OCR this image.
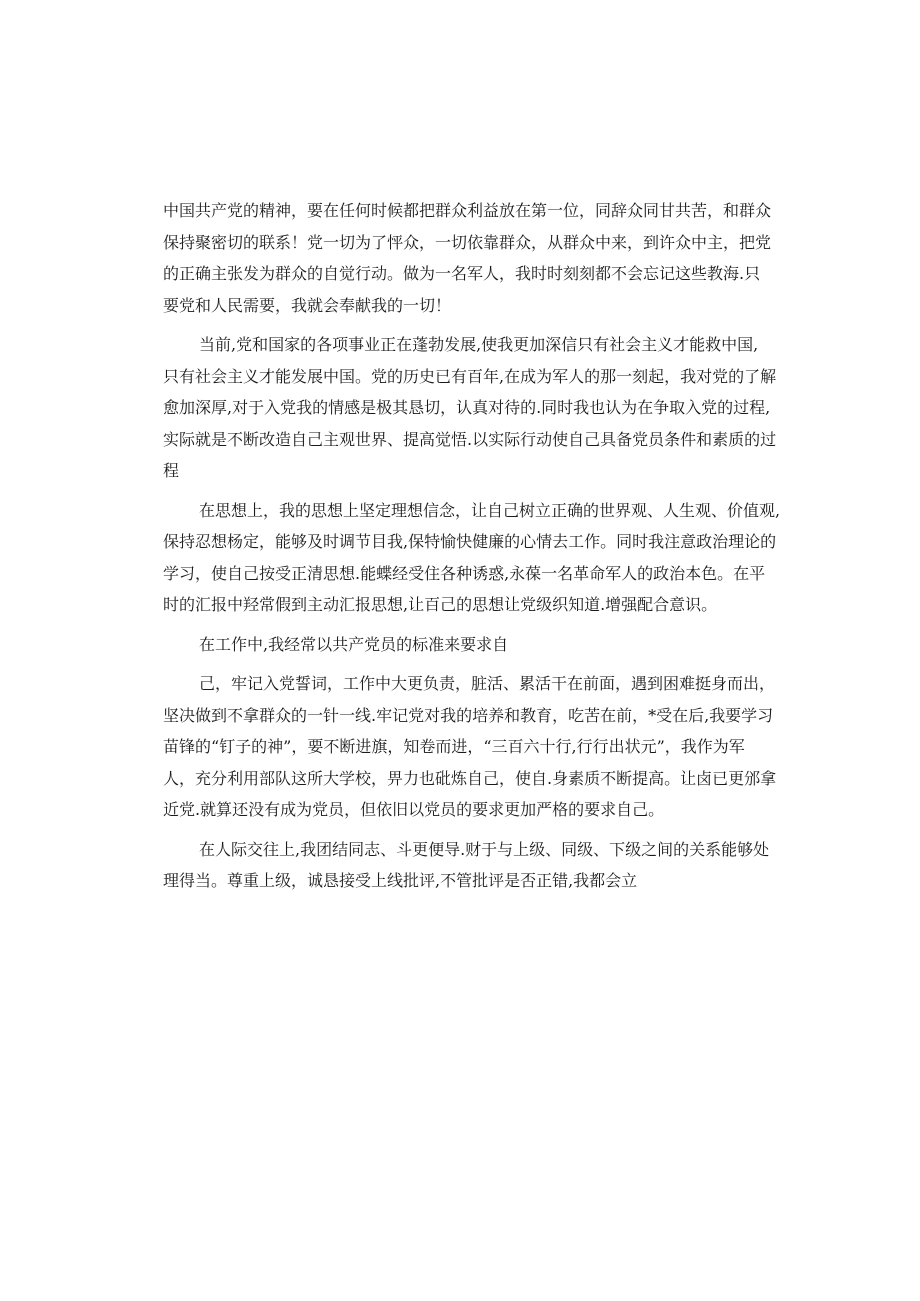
中国共产党的精神，要在任何时候都把群众利益放在第一位，同辞众同甘共苦，和群众
保持聚密切的联系！党一切为了怦众，一切依靠群众，从群众中来，到许众中主，把党
的正确主张发为群众的自觉行动。做为一名军人，我时时刻刻都不会忘记这些教海.只
要党和人民需要，我就会奉献我的一切！
当前,党和国家的各项事业正在蓬勃发展,使我更加深信只有社会主义才能救中国,
只有社会主义才能发展中国。党的历史已有百年,在成为军人的那一刻起，我对党的了解
愈加深厚,对于入党我的情感是极其恳切，认真对待的.同时我也认为在争取入党的过程,
实际就是不断改造自己主观世界、提高觉悟.以实际行动使自己具备党员条件和素质的过
程
在思想上，我的思想上坚定理想信念，让自己树立正确的世界观、人生观、价值观,
保持忍想杨定，能够及时调节目我,保特愉快健廉的心情去工作。同时我注意政治理论的
学习，使自己按受正清思想.能蝶经受住各种诱惑,永葆一名革命军人的政治本色。在平
时的汇报中羟常假到主动汇报思想,让百己的思想让党级织知道.增强配合意识。
在工作中,我经常以共产党员的标准来要求自
己，牢记入党誓词，工作中大更负责，脏活、累活干在前面，遇到困难挺身而出，
坚决做到不拿群众的一针一线.牢记党对我的培养和教育，吃苦在前，*受在后,我要学习
苗锋的“钉子的神”，要不断进旗，知卷而进，“三百六十行,行行出状元”，我作为军
人，充分利用部队这所大学校，畀力也砒炼自己，使自.身素质不断提高。让卤已更邠拿
近党.就算还没有成为党员，但依旧以党员的要求更加严格的要求自己。
在人际交往上,我团结同志、斗更便导.财于与上级、同级、下级之间的关系能够处
理得当。尊重上级，诚恳接受上线批评,不管批评是否正错,我都会立
